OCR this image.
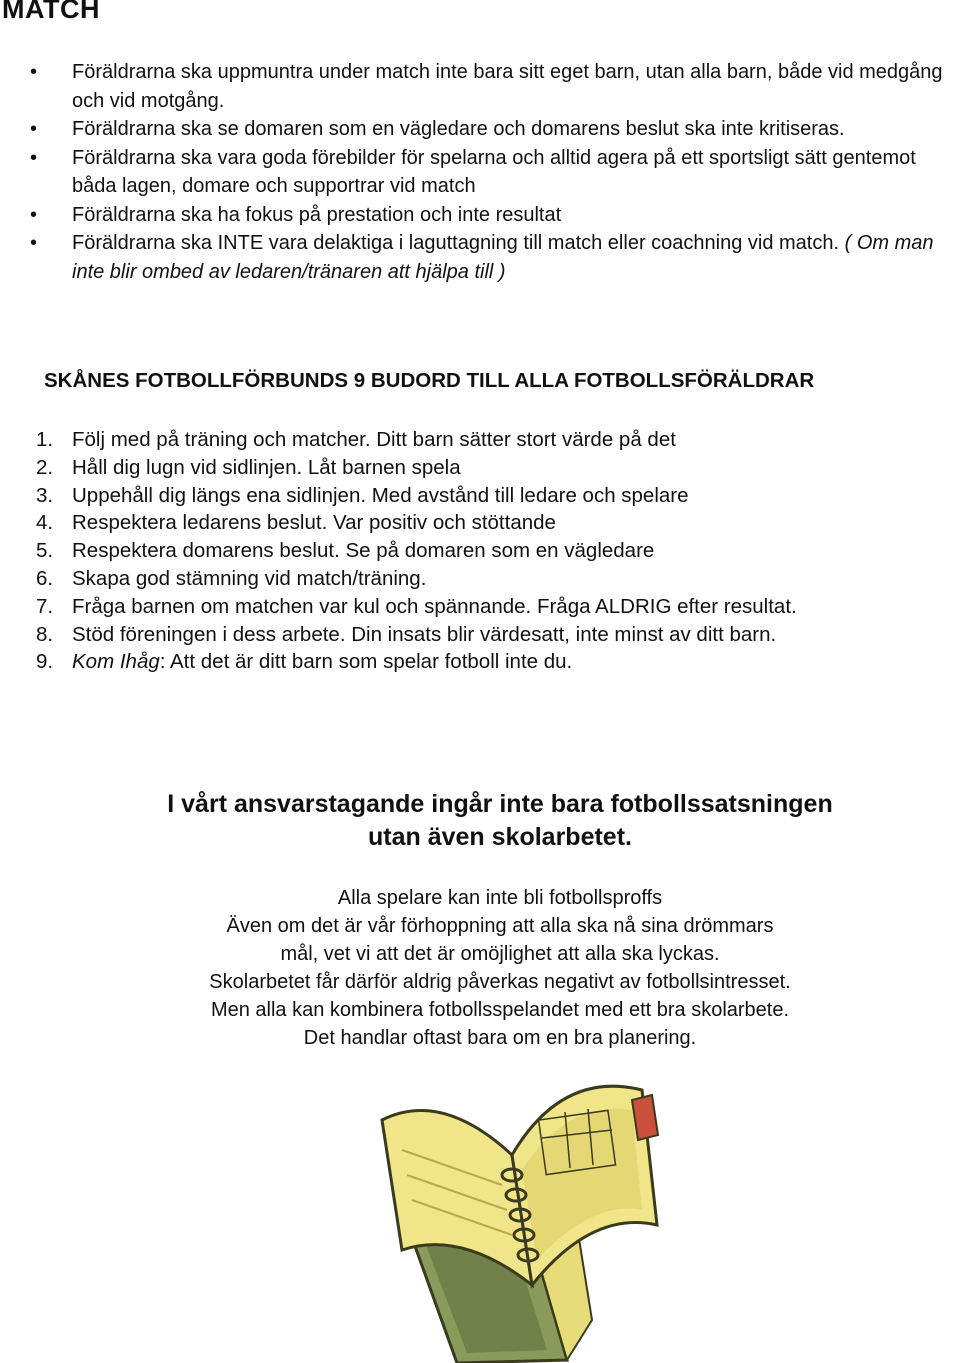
MATCH
• Föräldrarna ska uppmuntra under match inte bara sitt eget barn, utan alla barn, både vid medgång och vid motgång.
• Föräldrarna ska se domaren som en vägledare och domarens beslut ska inte kritiseras.
• Föräldrarna ska vara goda förebilder för spelarna och alltid agera på ett sportsligt sätt gentemot båda lagen, domare och supportrar vid match
• Föräldrarna ska ha fokus på prestation och inte resultat
• Föräldrarna ska INTE vara delaktiga i laguttagning till match eller coachning vid match. ( Om man inte blir ombed av ledaren/tränaren att hjälpa till )
SKÅNES FOTBOLLFÖRBUNDS 9 BUDORD TILL ALLA FOTBOLLSFÖRÄLDRAR
1. Följ med på träning och matcher. Ditt barn sätter stort värde på det
2. Håll dig lugn vid sidlinjen. Låt barnen spela
3. Uppehåll dig längs ena sidlinjen. Med avstånd till ledare och spelare
4. Respektera ledarens beslut. Var positiv och stöttande
5. Respektera domarens beslut. Se på domaren som en vägledare
6. Skapa god stämning vid match/träning.
7. Fråga barnen om matchen var kul och spännande. Fråga ALDRIG efter resultat.
8. Stöd föreningen i dess arbete. Din insats blir värdesatt, inte minst av ditt barn.
9. Kom Ihåg: Att det är ditt barn som spelar fotboll inte du.
I vårt ansvarstagande ingår inte bara fotbollssatsningen
utan även skolarbetet.

Alla spelare kan inte bli fotbollsproffs
Även om det är vår förhoppning att alla ska nå sina drömmars
mål, vet vi att det är omöjlighet att alla ska lyckas.
Skolarbetet får därför aldrig påverkas negativt av fotbollsintresset.
Men alla kan kombinera fotbollsspelandet med ett bra skolarbete.
Det handlar oftast bara om en bra planering.
